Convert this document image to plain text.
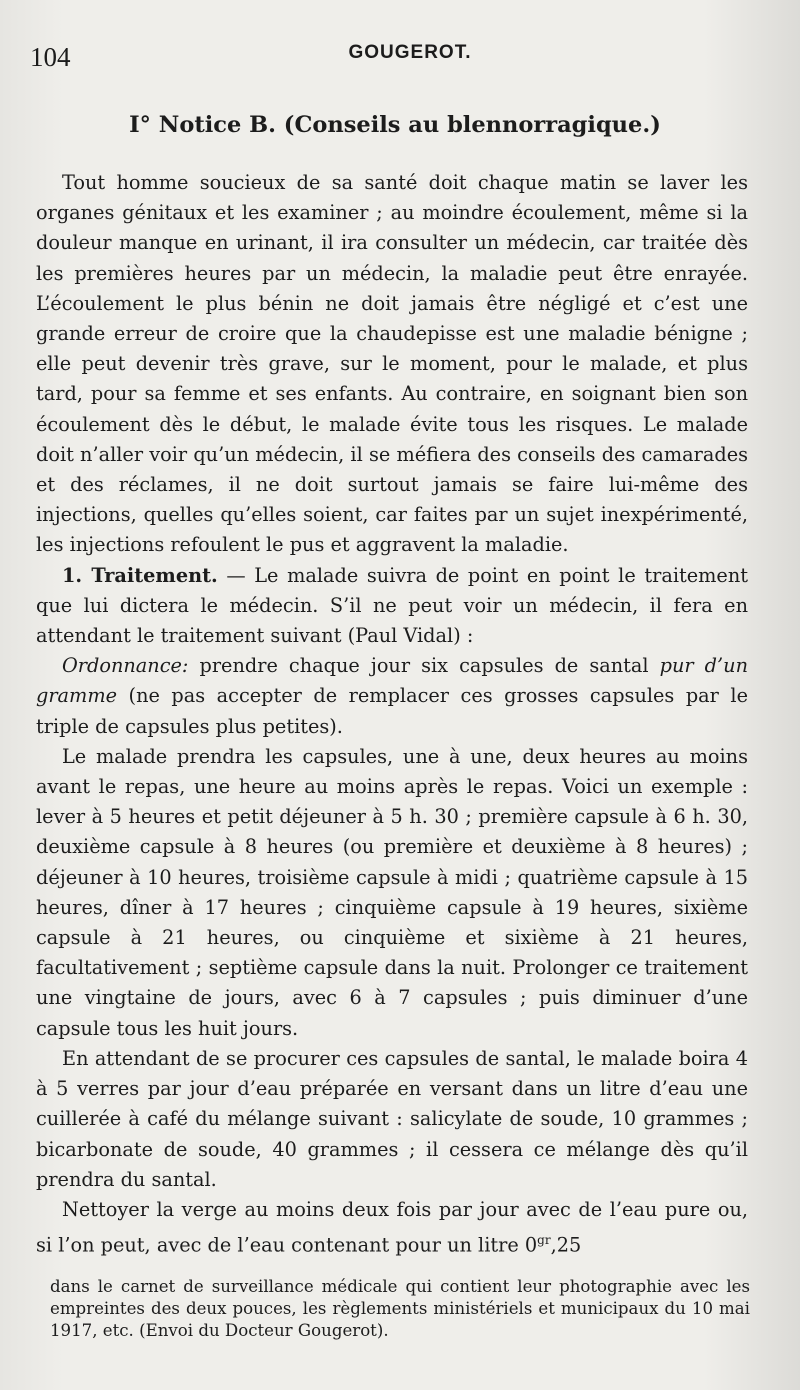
104	GOUGEROT.
I° Notice B. (Conseils au blennorragique.)

Tout homme soucieux de sa santé doit chaque matin se laver les organes génitaux et les examiner ; au moindre écoulement, même si la douleur manque en urinant, il ira consulter un médecin, car traitée dès les premières heures par un médecin, la maladie peut être enrayée. L’écoulement le plus bénin ne doit jamais être négligé et c’est une grande erreur de croire que la chaudepisse est une maladie bénigne ; elle peut devenir très grave, sur le moment, pour le malade, et plus tard, pour sa femme et ses enfants. Au contraire, en soignant bien son écoulement dès le début, le malade évite tous les risques. Le malade doit n’aller voir qu’un médecin, il se méfiera des conseils des camarades et des réclames, il ne doit surtout jamais se faire lui-même des injections, quelles qu’elles soient, car faites par un sujet inexpérimenté, les injections refoulent le pus et aggravent la maladie.

1. Traitement. — Le malade suivra de point en point le traitement que lui dictera le médecin. S’il ne peut voir un médecin, il fera en attendant le traitement suivant (Paul Vidal) :

Ordonnance: prendre chaque jour six capsules de santal pur d’un gramme (ne pas accepter de remplacer ces grosses capsules par le triple de capsules plus petites).

Le malade prendra les capsules, une à une, deux heures au moins avant le repas, une heure au moins après le repas. Voici un exemple : lever à 5 heures et petit déjeuner à 5 h. 30 ; première capsule à 6 h. 30, deuxième capsule à 8 heures (ou première et deuxième à 8 heures) ; déjeuner à 10 heures, troisième capsule à midi ; quatrième capsule à 15 heures, dîner à 17 heures ; cinquième capsule à 19 heures, sixième capsule à 21 heures, ou cinquième et sixième à 21 heures, facultativement ; septième capsule dans la nuit. Prolonger ce traitement une vingtaine de jours, avec 6 à 7 capsules ; puis diminuer d’une capsule tous les huit jours.

En attendant de se procurer ces capsules de santal, le malade boira 4 à 5 verres par jour d’eau préparée en versant dans un litre d’eau une cuillerée à café du mélange suivant : salicylate de soude, 10 grammes ; bicarbonate de soude, 40 grammes ; il cessera ce mélange dès qu’il prendra du santal.

Nettoyer la verge au moins deux fois par jour avec de l’eau pure ou, si l’on peut, avec de l’eau contenant pour un litre $0^{gr},25$

dans le carnet de surveillance médicale qui contient leur photographie avec les empreintes des deux pouces, les règlements ministériels et municipaux du 10 mai 1917, etc. (Envoi du Docteur Gougerot).
